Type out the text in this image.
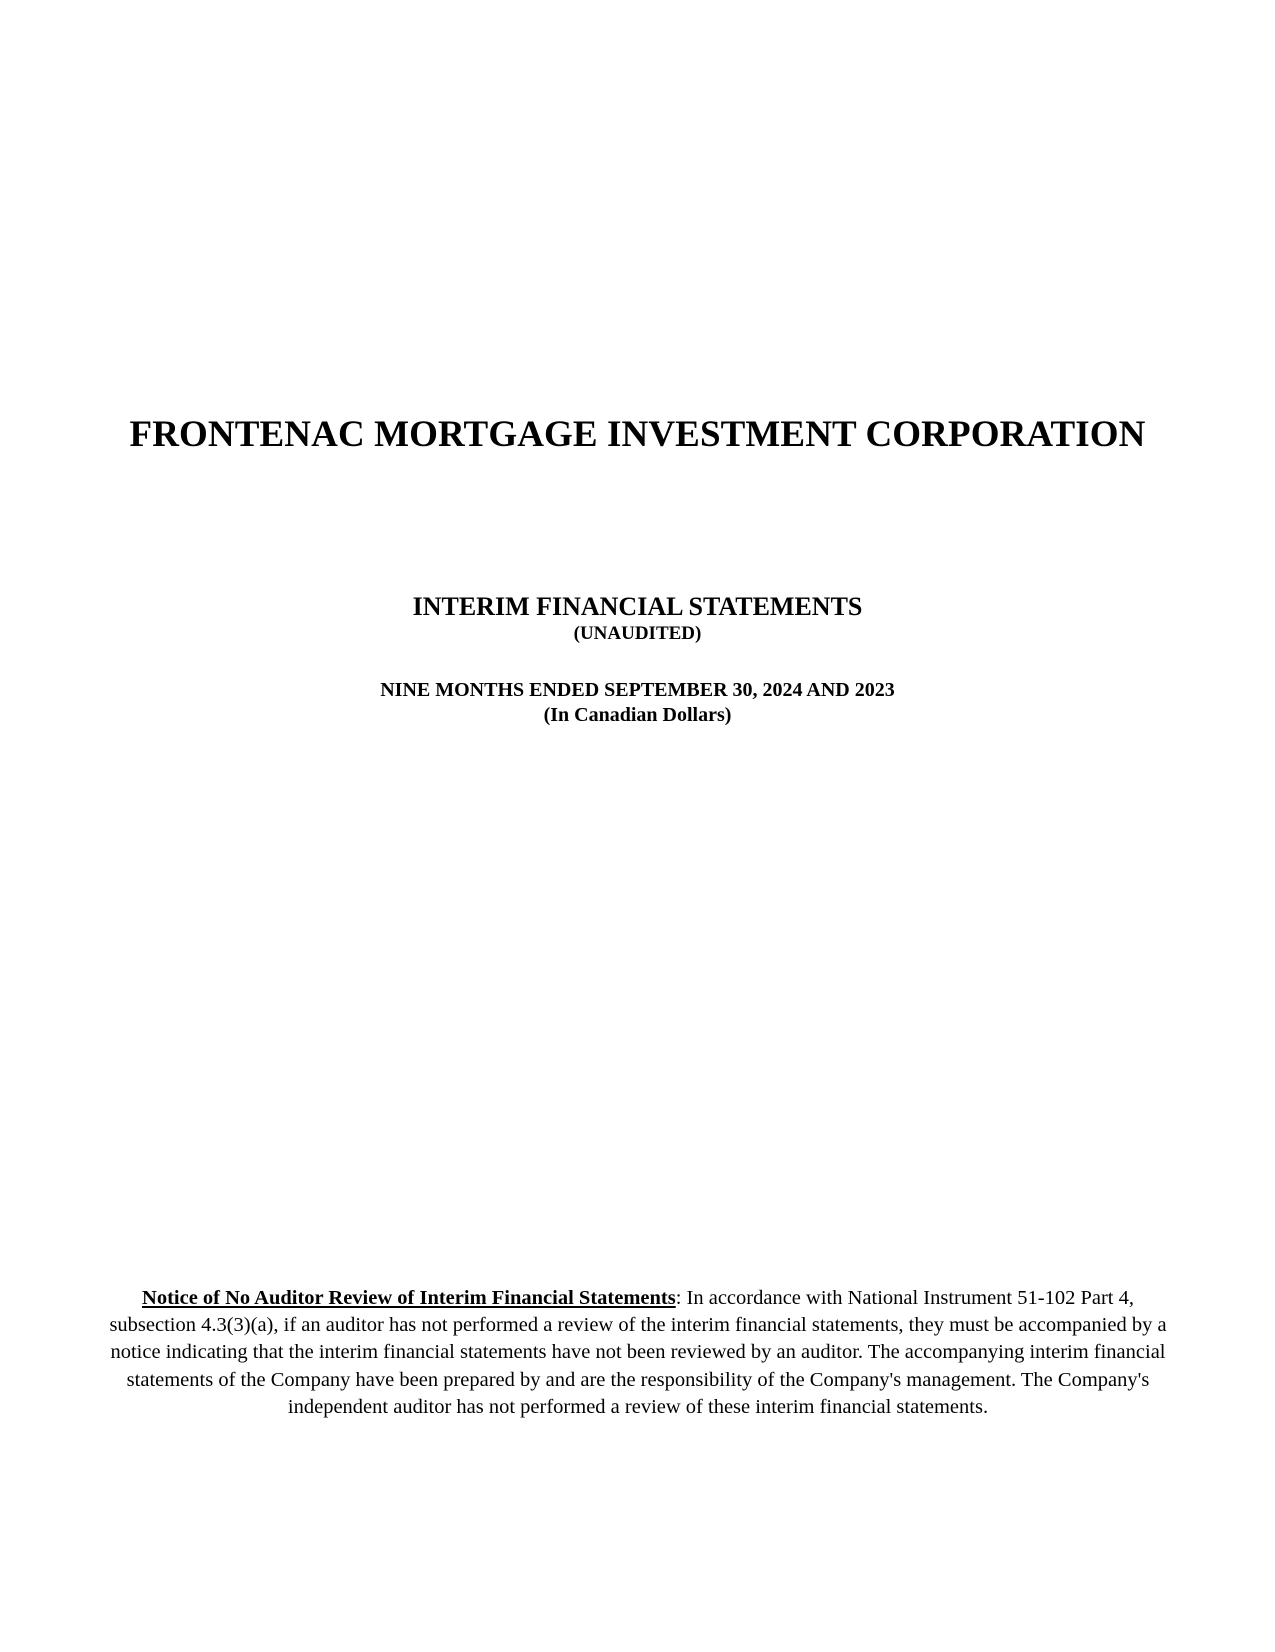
FRONTENAC MORTGAGE INVESTMENT CORPORATION
INTERIM FINANCIAL STATEMENTS
(UNAUDITED)
NINE MONTHS ENDED SEPTEMBER 30, 2024 AND 2023
(In Canadian Dollars)

Notice of No Auditor Review of Interim Financial Statements: In accordance with National Instrument 51-102 Part 4, subsection 4.3(3)(a), if an auditor has not performed a review of the interim financial statements, they must be accompanied by a notice indicating that the interim financial statements have not been reviewed by an auditor. The accompanying interim financial statements of the Company have been prepared by and are the responsibility of the Company's management. The Company's independent auditor has not performed a review of these interim financial statements.
